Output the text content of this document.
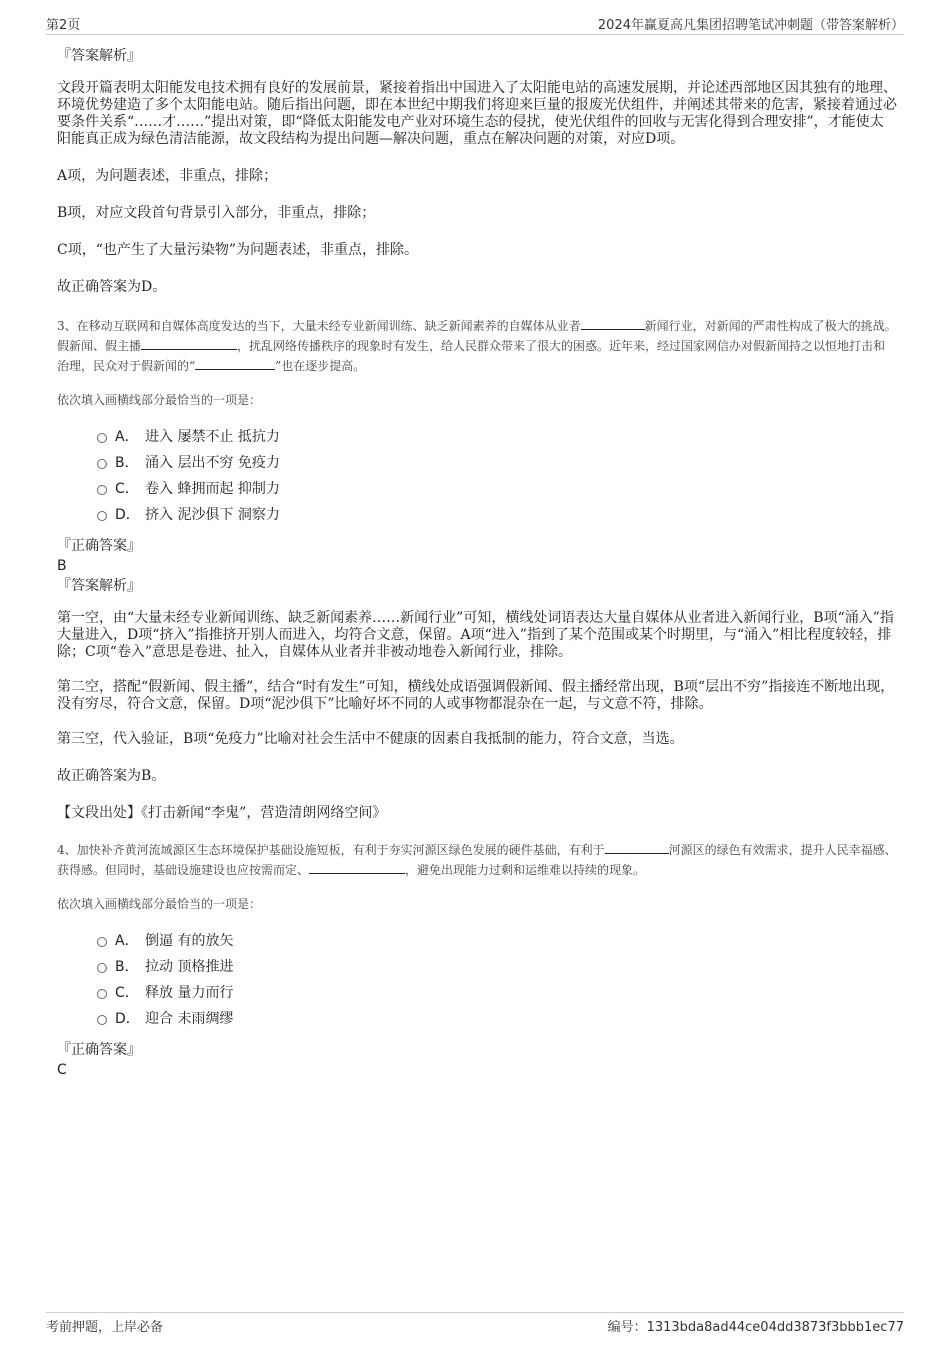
第2页	2024年赢夏高凡集团招聘笔试冲刺题（带答案解析）
『答案解析』

文段开篇表明太阳能发电技术拥有良好的发展前景，紧接着指出中国进入了太阳能电站的高速发展期，并论述西部地区因其独有的地理、环境优势建造了多个太阳能电站。随后指出问题，即在本世纪中期我们将迎来巨量的报废光伏组件，并阐述其带来的危害，紧接着通过必要条件关系“……才……”提出对策，即“降低太阳能发电产业对环境生态的侵扰，使光伏组件的回收与无害化得到合理安排”，才能使太阳能真正成为绿色清洁能源，故文段结构为提出问题—解决问题，重点在解决问题的对策，对应D项。

A项，为问题表述，非重点，排除；

B项，对应文段首句背景引入部分，非重点，排除；

C项，“也产生了大量污染物”为问题表述，非重点，排除。

故正确答案为D。

3、在移动互联网和自媒体高度发达的当下，大量未经专业新闻训练、缺乏新闻素养的自媒体从业者	新闻行业，对新闻的严肃性构成了极大的挑战。假新闻、假主播	，扰乱网络传播秩序的现象时有发生，给人民群众带来了很大的困惑。近年来，经过国家网信办对假新闻持之以恒地打击和治理，民众对于假新闻的“	”也在逐步提高。
依次填入画横线部分最恰当的一项是：
A． 进入 屡禁不止 抵抗力
B． 涌入 层出不穷 免疫力
C． 卷入 蜂拥而起 抑制力
D． 挤入 泥沙俱下 洞察力
『正确答案』
B
『答案解析』

第一空，由“大量未经专业新闻训练、缺乏新闻素养……新闻行业”可知，横线处词语表达大量自媒体从业者进入新闻行业，B项“涌入”指大量进入，D项“挤入”指推挤开别人而进入，均符合文意，保留。A项“进入”指到了某个范围或某个时期里，与“涌入”相比程度较轻，排除；C项“卷入”意思是卷进、扯入，自媒体从业者并非被动地卷入新闻行业，排除。

第二空，搭配“假新闻、假主播”，结合“时有发生”可知，横线处成语强调假新闻、假主播经常出现，B项“层出不穷”指接连不断地出现，没有穷尽，符合文意，保留。D项“泥沙俱下”比喻好坏不同的人或事物都混杂在一起，与文意不符，排除。

第三空，代入验证，B项“免疫力”比喻对社会生活中不健康的因素自我抵制的能力，符合文意，当选。

故正确答案为B。

【文段出处】《打击新闻“李鬼”，营造清朗网络空间》

4、加快补齐黄河流域源区生态环境保护基础设施短板，有利于夯实河源区绿色发展的硬件基础，有利于	河源区的绿色有效需求，提升人民幸福感、获得感。但同时，基础设施建设也应按需而定、	，避免出现能力过剩和运维难以持续的现象。
依次填入画横线部分最恰当的一项是：
A． 倒逼 有的放矢
B． 拉动 顶格推进
C． 释放 量力而行
D． 迎合 未雨绸缪
『正确答案』
C
考前押题，上岸必备	编号：1313bda8ad44ce04dd3873f3bbb1ec77
